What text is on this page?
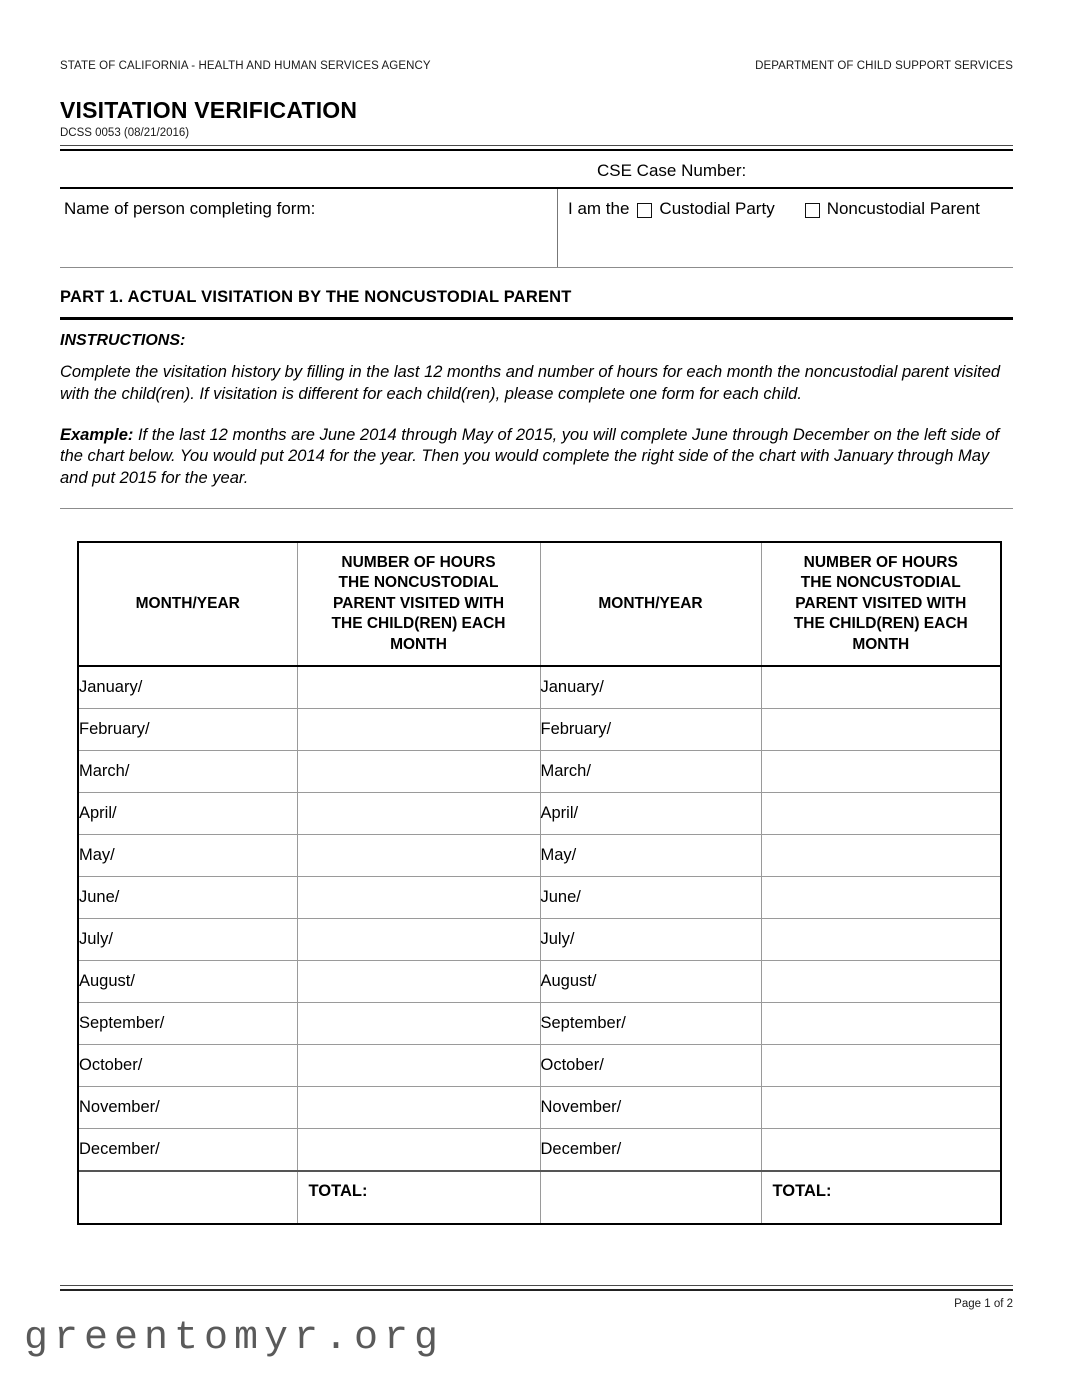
STATE OF CALIFORNIA - HEALTH AND HUMAN SERVICES AGENCY	DEPARTMENT OF CHILD SUPPORT SERVICES
VISITATION VERIFICATION
DCSS 0053 (08/21/2016)
CSE Case Number:
Name of person completing form:	I am the Custodial Party	Noncustodial Parent
PART 1. ACTUAL VISITATION BY THE NONCUSTODIAL PARENT
INSTRUCTIONS:
Complete the visitation history by filling in the last 12 months and number of hours for each month the noncustodial parent visited with the child(ren). If visitation is different for each child(ren), please complete one form for each child.
Example: If the last 12 months are June 2014 through May of 2015, you will complete June through December on the left side of the chart below. You would put 2014 for the year. Then you would complete the right side of the chart with January through May and put 2015 for the year.
MONTH/YEAR	NUMBER OF HOURS
THE NONCUSTODIAL
PARENT VISITED WITH
THE CHILD(REN) EACH
MONTH	MONTH/YEAR	NUMBER OF HOURS
THE NONCUSTODIAL
PARENT VISITED WITH
THE CHILD(REN) EACH
MONTH
January/		January/	
February/		February/	
March/		March/	
April/		April/	
May/		May/	
June/		June/	
July/		July/	
August/		August/	
September/		September/	
October/		October/	
November/		November/	
December/		December/	
	TOTAL:		TOTAL:
Page 1 of 2
greentomyr.org
